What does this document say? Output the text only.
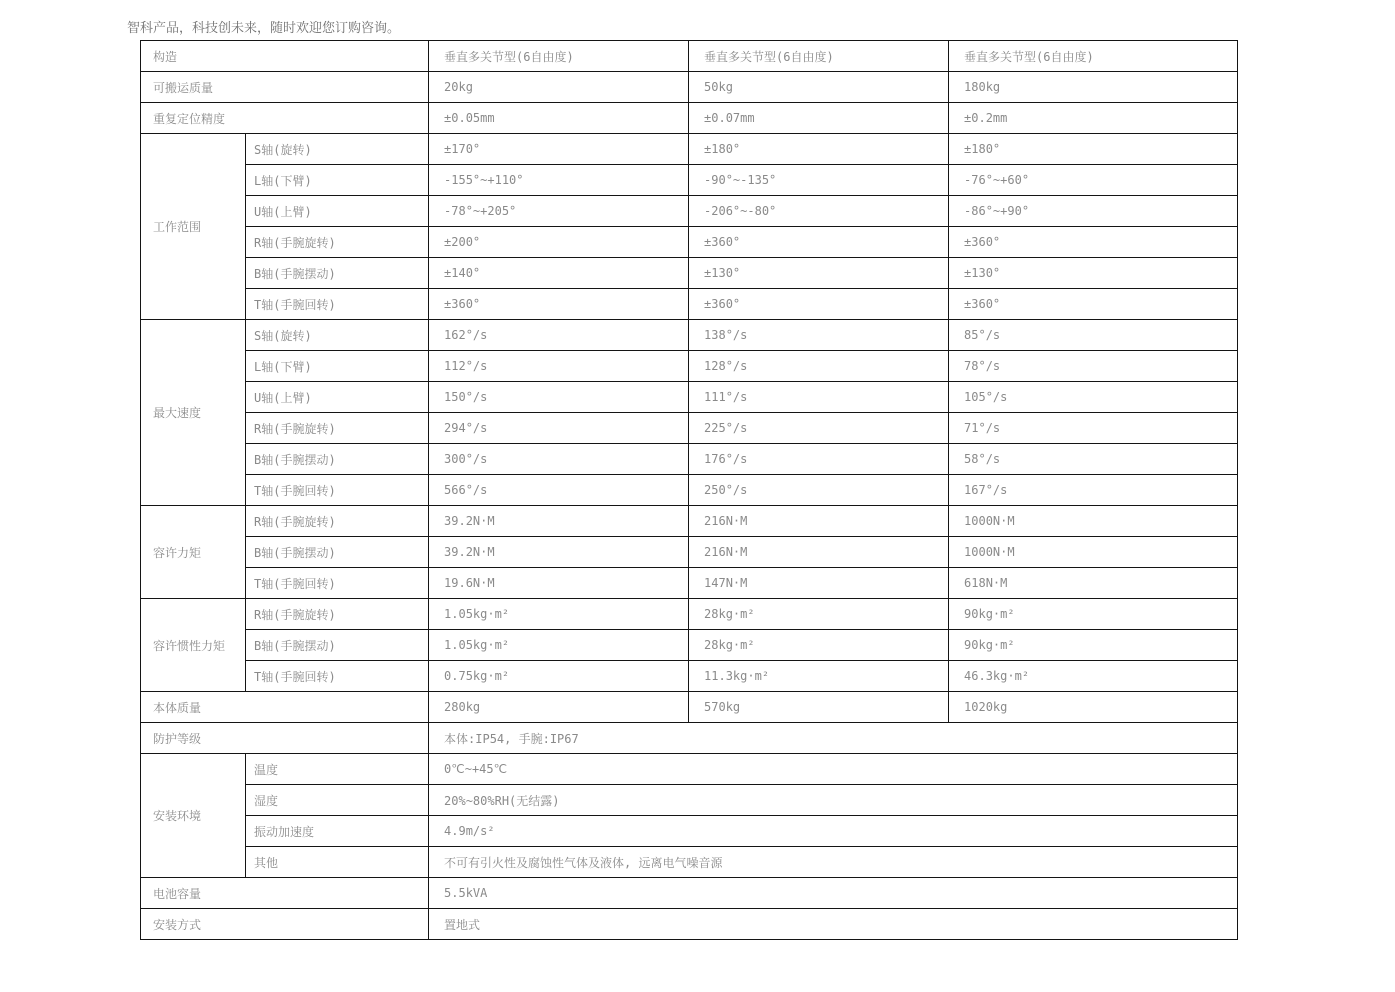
智科产品，科技创未来，随时欢迎您订购咨询。

构造		垂直多关节型(6自由度)	垂直多关节型(6自由度)	垂直多关节型(6自由度)
可搬运质量		20kg	50kg	180kg
重复定位精度		±0.05mm	±0.07mm	±0.2mm
工作范围	S轴(旋转)	±170°	±180°	±180°
	L轴(下臂)	-155°~+110°	-90°~-135°	-76°~+60°
	U轴(上臂)	-78°~+205°	-206°~-80°	-86°~+90°
	R轴(手腕旋转)	±200°	±360°	±360°
	B轴(手腕摆动)	±140°	±130°	±130°
	T轴(手腕回转)	±360°	±360°	±360°
最大速度	S轴(旋转)	162°/s	138°/s	85°/s
	L轴(下臂)	112°/s	128°/s	78°/s
	U轴(上臂)	150°/s	111°/s	105°/s
	R轴(手腕旋转)	294°/s	225°/s	71°/s
	B轴(手腕摆动)	300°/s	176°/s	58°/s
	T轴(手腕回转)	566°/s	250°/s	167°/s
容许力矩	R轴(手腕旋转)	39.2N·M	216N·M	1000N·M
	B轴(手腕摆动)	39.2N·M	216N·M	1000N·M
	T轴(手腕回转)	19.6N·M	147N·M	618N·M
容许惯性力矩	R轴(手腕旋转)	1.05kg·m²	28kg·m²	90kg·m²
	B轴(手腕摆动)	1.05kg·m²	28kg·m²	90kg·m²
	T轴(手腕回转)	0.75kg·m²	11.3kg·m²	46.3kg·m²
本体质量		280kg	570kg	1020kg
防护等级		本体:IP54, 手腕:IP67		
安装环境	温度	0℃~+45℃		
	湿度	20%~80%RH(无结露)		
	振动加速度	4.9m/s²		
	其他	不可有引火性及腐蚀性气体及液体, 远离电气噪音源		
电池容量		5.5kVA		
安装方式		置地式		
